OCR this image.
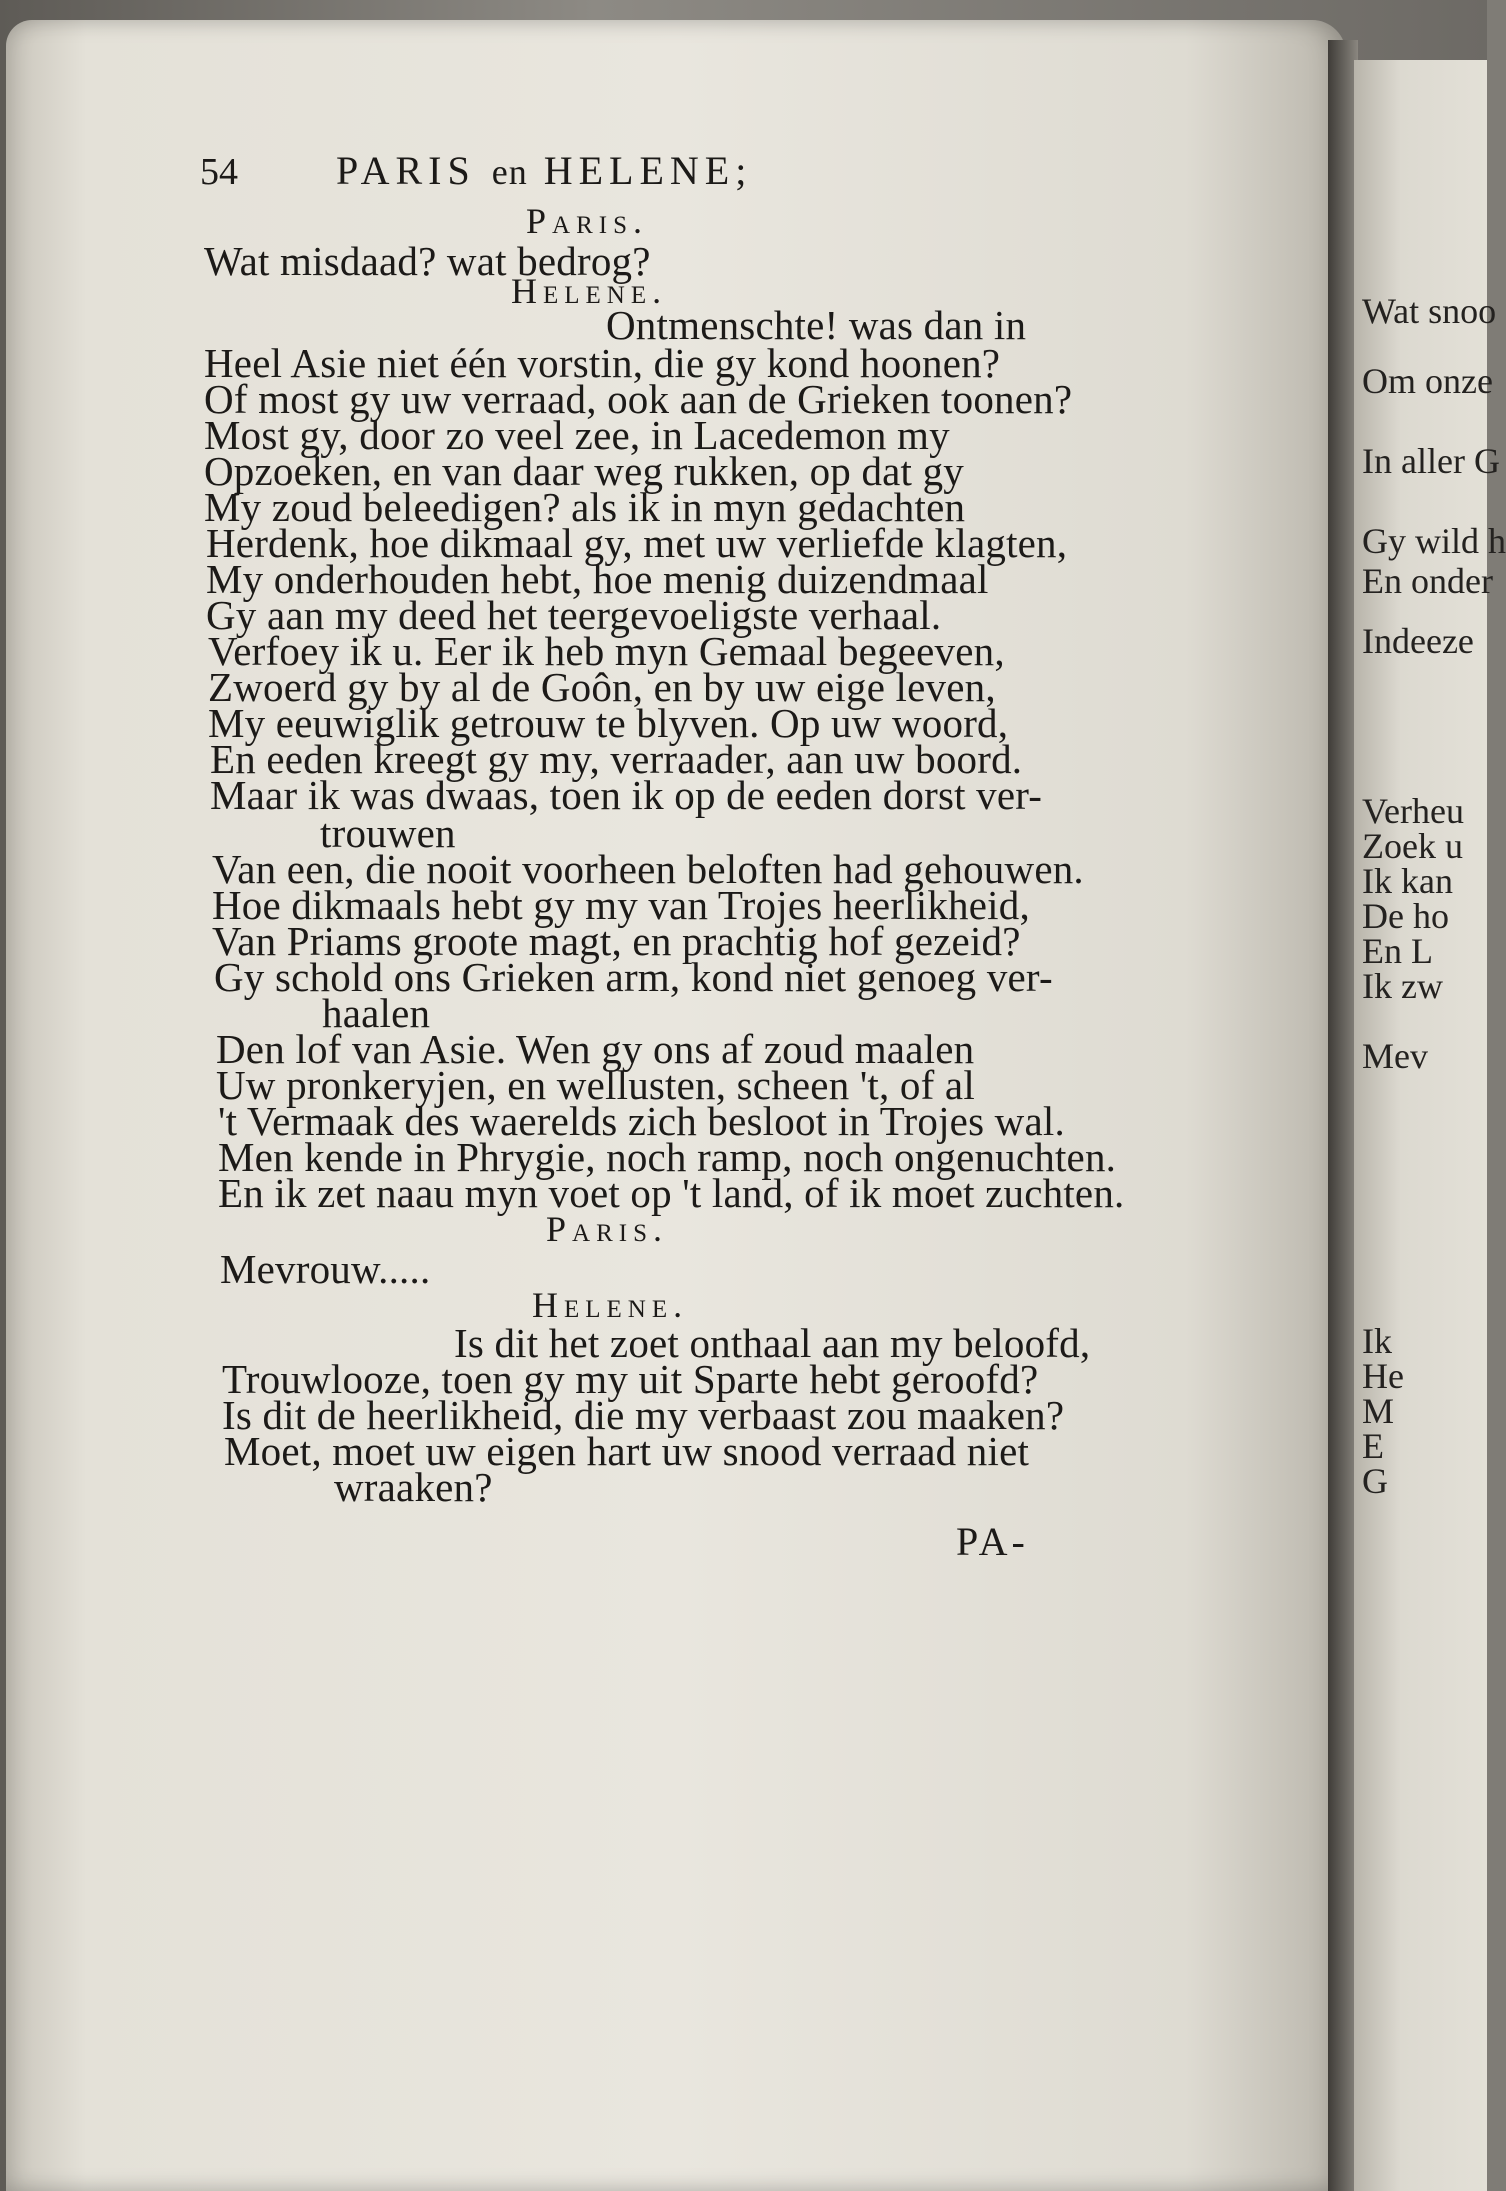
54 PARIS en HELENE;
Paris.
Wat misdaad? wat bedrog?
Helene.
Ontmenschte! was dan in
Heel Asie niet één vorstin, die gy kond hoonen?
Of most gy uw verraad, ook aan de Grieken toonen?
Most gy, door zo veel zee, in Lacedemon my
Opzoeken, en van daar weg rukken, op dat gy
My zoud beleedigen? als ik in myn gedachten
Herdenk, hoe dikmaal gy, met uw verliefde klagten,
My onderhouden hebt, hoe menig duizendmaal
Gy aan my deed het teergevoeligste verhaal.
Verfoey ik u. Eer ik heb myn Gemaal begeeven,
Zwoerd gy by al de Goôn, en by uw eige leven,
My eeuwiglik getrouw te blyven. Op uw woord,
En eeden kreegt gy my, verraader, aan uw boord.
Maar ik was dwaas, toen ik op de eeden dorst ver-
trouwen
Van een, die nooit voorheen beloften had gehouwen.
Hoe dikmaals hebt gy my van Trojes heerlikheid,
Van Priams groote magt, en prachtig hof gezeid?
Gy schold ons Grieken arm, kond niet genoeg ver-
haalen
Den lof van Asie. Wen gy ons af zoud maalen
Uw pronkeryjen, en wellusten, scheen 't, of al
't Vermaak des waerelds zich besloot in Trojes wal.
Men kende in Phrygie, noch ramp, noch ongenuchten.
En ik zet naau myn voet op 't land, of ik moet zuchten.
Paris.
Mevrouw.....
Helene.
Is dit het zoet onthaal aan my beloofd,
Trouwlooze, toen gy my uit Sparte hebt geroofd?
Is dit de heerlikheid, die my verbaast zou maaken?
Moet, moet uw eigen hart uw snood verraad niet
wraaken?
PA-
Wat snoo
Om onze
In aller G
Gy wild h
En onder
Indeeze
Verheu
Zoek u
Ik kan
De ho
En L
Ik zw
Mev
Ik
He
M
E
G
